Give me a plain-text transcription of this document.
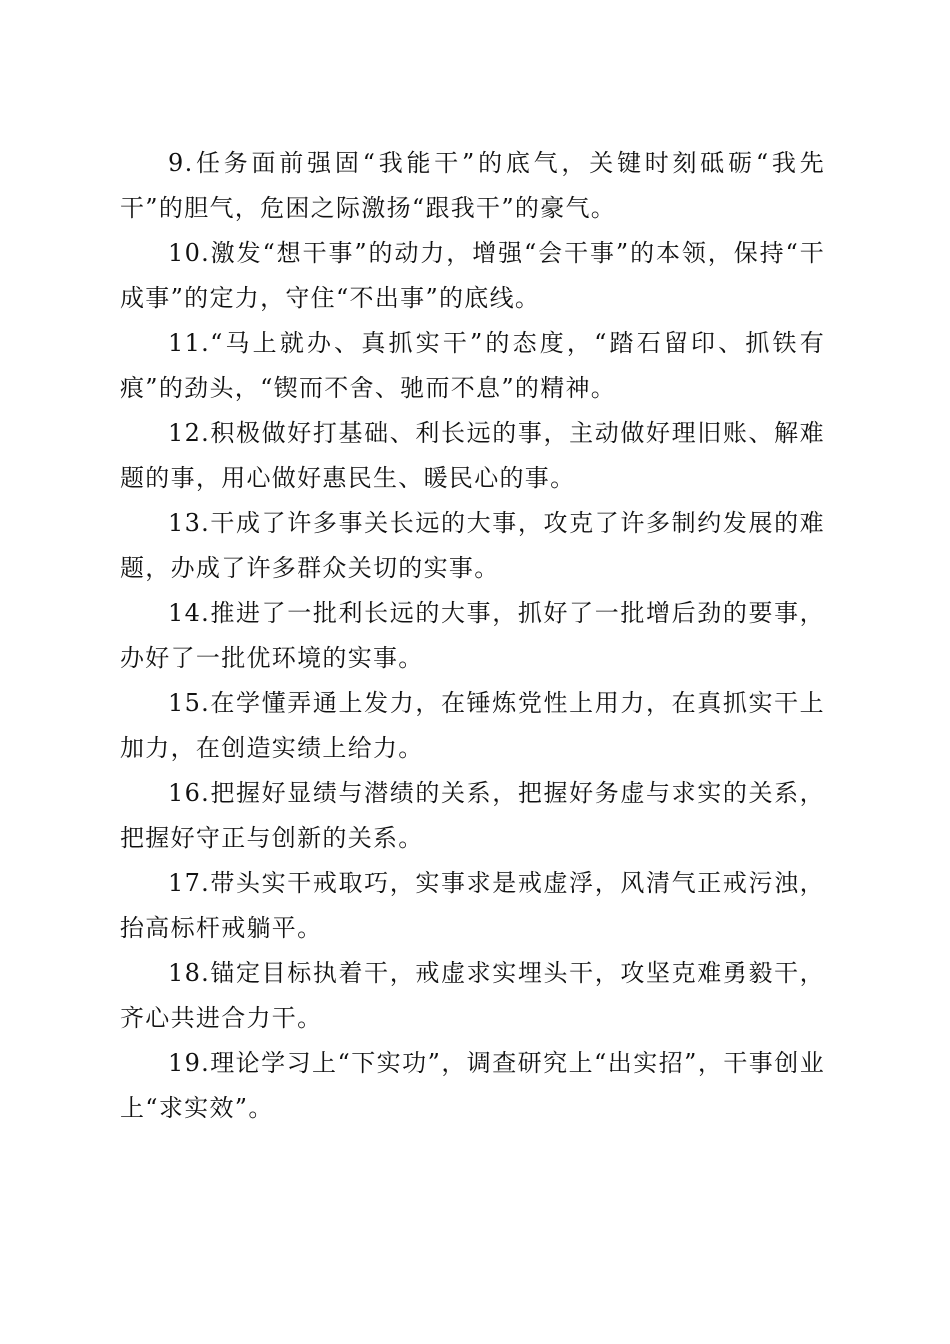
9.任务面前强固“我能干”的底气，关键时刻砥砺“我先干”的胆气，危困之际激扬“跟我干”的豪气。

10.激发“想干事”的动力，增强“会干事”的本领，保持“干成事”的定力，守住“不出事”的底线。

11.“马上就办、真抓实干”的态度，“踏石留印、抓铁有痕”的劲头，“锲而不舍、驰而不息”的精神。

12.积极做好打基础、利长远的事，主动做好理旧账、解难题的事，用心做好惠民生、暖民心的事。

13.干成了许多事关长远的大事，攻克了许多制约发展的难题，办成了许多群众关切的实事。

14.推进了一批利长远的大事，抓好了一批增后劲的要事，办好了一批优环境的实事。

15.在学懂弄通上发力，在锤炼党性上用力，在真抓实干上加力，在创造实绩上给力。

16.把握好显绩与潜绩的关系，把握好务虚与求实的关系，把握好守正与创新的关系。

17.带头实干戒取巧，实事求是戒虚浮，风清气正戒污浊，抬高标杆戒躺平。

18.锚定目标执着干，戒虚求实埋头干，攻坚克难勇毅干，齐心共进合力干。

19.理论学习上“下实功”，调查研究上“出实招”，干事创业上“求实效”。
